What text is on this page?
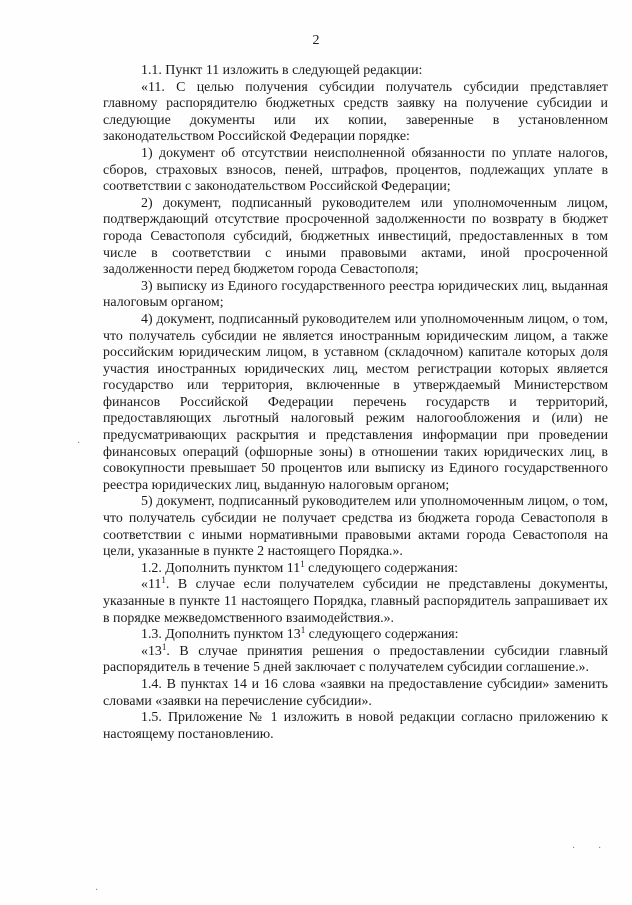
2

1.1. Пункт 11 изложить в следующей редакции:

«11. С целью получения субсидии получатель субсидии представляет главному распорядителю бюджетных средств заявку на получение субсидии и следующие документы или их копии, заверенные в установленном законодательством Российской Федерации порядке:

1) документ об отсутствии неисполненной обязанности по уплате налогов, сборов, страховых взносов, пеней, штрафов, процентов, подлежащих уплате в соответствии с законодательством Российской Федерации;

2) документ, подписанный руководителем или уполномоченным лицом, подтверждающий отсутствие просроченной задолженности по возврату в бюджет города Севастополя субсидий, бюджетных инвестиций, предоставленных в том числе в соответствии с иными правовыми актами, иной просроченной задолженности перед бюджетом города Севастополя;

3) выписку из Единого государственного реестра юридических лиц, выданная налоговым органом;

4) документ, подписанный руководителем или уполномоченным лицом, о том, что получатель субсидии не является иностранным юридическим лицом, а также российским юридическим лицом, в уставном (складочном) капитале которых доля участия иностранных юридических лиц, местом регистрации которых является государство или территория, включенные в утверждаемый Министерством финансов Российской Федерации перечень государств и территорий, предоставляющих льготный налоговый режим налогообложения и (или) не предусматривающих раскрытия и представления информации при проведении финансовых операций (офшорные зоны) в отношении таких юридических лиц, в совокупности превышает 50 процентов или выписку из Единого государственного реестра юридических лиц, выданную налоговым органом;

5) документ, подписанный руководителем или уполномоченным лицом, о том, что получатель субсидии не получает средства из бюджета города Севастополя в соответствии с иными нормативными правовыми актами города Севастополя на цели, указанные в пункте 2 настоящего Порядка.».

1.2. Дополнить пунктом $11^1$ следующего содержания:

«$11^1$. В случае если получателем субсидии не представлены документы, указанные в пункте 11 настоящего Порядка, главный распорядитель запрашивает их в порядке межведомственного взаимодействия.».

1.3. Дополнить пунктом $13^1$ следующего содержания:

«$13^1$. В случае принятия решения о предоставлении субсидии главный распорядитель в течение 5 дней заключает с получателем субсидии соглашение.».

1.4. В пунктах 14 и 16 слова «заявки на предоставление субсидии» заменить словами «заявки на перечисление субсидии».

1.5. Приложение № 1 изложить в новой редакции согласно приложению к настоящему постановлению.

·
· ·
·
